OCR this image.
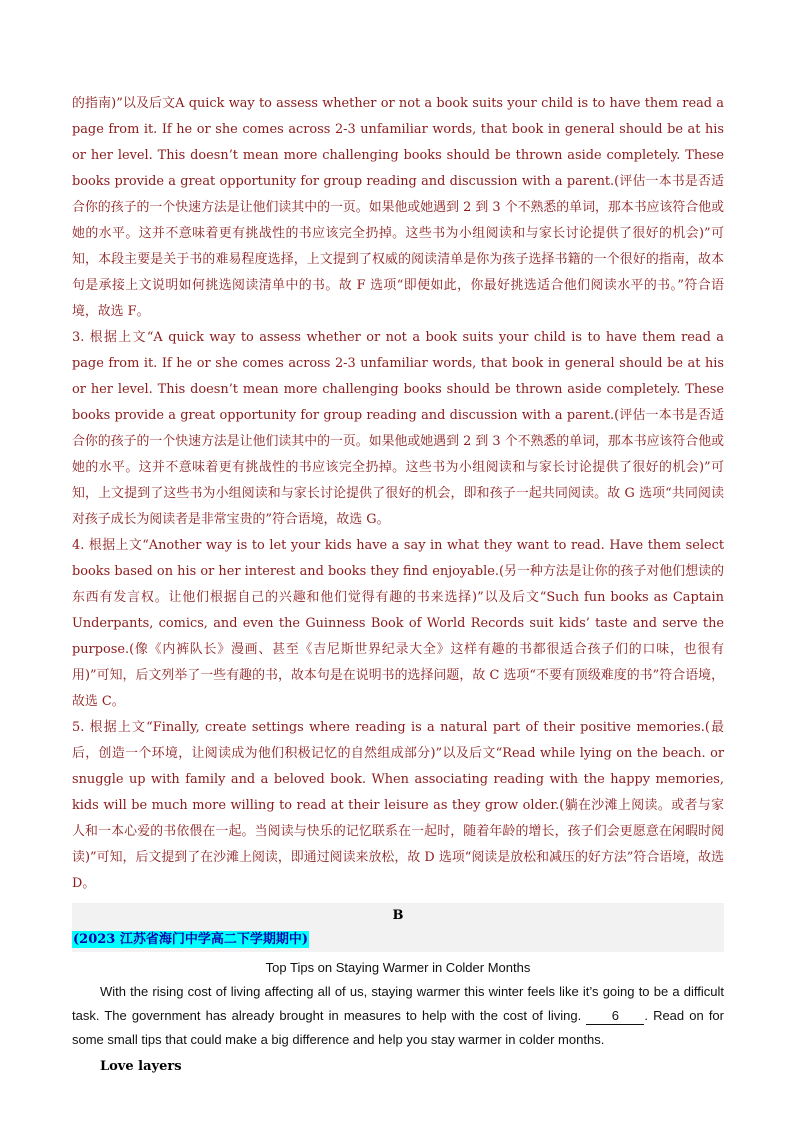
的指南)”以及后文A quick way to assess whether or not a book suits your child is to have them read a page from it. If he or she comes across 2-3 unfamiliar words, that book in general should be at his or her level. This doesn’t mean more challenging books should be thrown aside completely. These books provide a great opportunity for group reading and discussion with a parent.(评估一本书是否适合你的孩子的一个快速方法是让他们读其中的一页。如果他或她遇到 2 到 3 个不熟悉的单词，那本书应该符合他或她的水平。这并不意味着更有挑战性的书应该完全扔掉。这些书为小组阅读和与家长讨论提供了很好的机会)”可知，本段主要是关于书的难易程度选择，上文提到了权威的阅读清单是你为孩子选择书籍的一个很好的指南，故本句是承接上文说明如何挑选阅读清单中的书。故 F 选项“即便如此，你最好挑选适合他们阅读水平的书。”符合语境，故选 F。

3. 根据上文“A quick way to assess whether or not a book suits your child is to have them read a page from it. If he or she comes across 2-3 unfamiliar words, that book in general should be at his or her level. This doesn’t mean more challenging books should be thrown aside completely. These books provide a great opportunity for group reading and discussion with a parent.(评估一本书是否适合你的孩子的一个快速方法是让他们读其中的一页。如果他或她遇到 2 到 3 个不熟悉的单词，那本书应该符合他或她的水平。这并不意味着更有挑战性的书应该完全扔掉。这些书为小组阅读和与家长讨论提供了很好的机会)”可知，上文提到了这些书为小组阅读和与家长讨论提供了很好的机会，即和孩子一起共同阅读。故 G 选项“共同阅读对孩子成长为阅读者是非常宝贵的”符合语境，故选 G。

4. 根据上文“Another way is to let your kids have a say in what they want to read. Have them select books based on his or her interest and books they find enjoyable.(另一种方法是让你的孩子对他们想读的东西有发言权。让他们根据自己的兴趣和他们觉得有趣的书来选择)”以及后文“Such fun books as Captain Underpants, comics, and even the Guinness Book of World Records suit kids’ taste and serve the purpose.(像《内裤队长》漫画、甚至《吉尼斯世界纪录大全》这样有趣的书都很适合孩子们的口味，也很有用)”可知，后文列举了一些有趣的书，故本句是在说明书的选择问题，故 C 选项“不要有顶级难度的书”符合语境，故选 C。

5. 根据上文“Finally, create settings where reading is a natural part of their positive memories.(最后，创造一个环境，让阅读成为他们积极记忆的自然组成部分)”以及后文“Read while lying on the beach. or snuggle up with family and a beloved book. When associating reading with the happy memories, kids will be much more willing to read at their leisure as they grow older.(躺在沙滩上阅读。或者与家人和一本心爱的书依偎在一起。当阅读与快乐的记忆联系在一起时，随着年龄的增长，孩子们会更愿意在闲暇时阅读)”可知，后文提到了在沙滩上阅读，即通过阅读来放松，故 D 选项“阅读是放松和减压的好方法”符合语境，故选 D。

B
(2023 江苏省海门中学高二下学期期中)
Top Tips on Staying Warmer in Colder Months

With the rising cost of living affecting all of us, staying warmer this winter feels like it’s going to be a difficult task. The government has already brought in measures to help with the cost of living. 6 . Read on for some small tips that could make a big difference and help you stay warmer in colder months.

Love layers
